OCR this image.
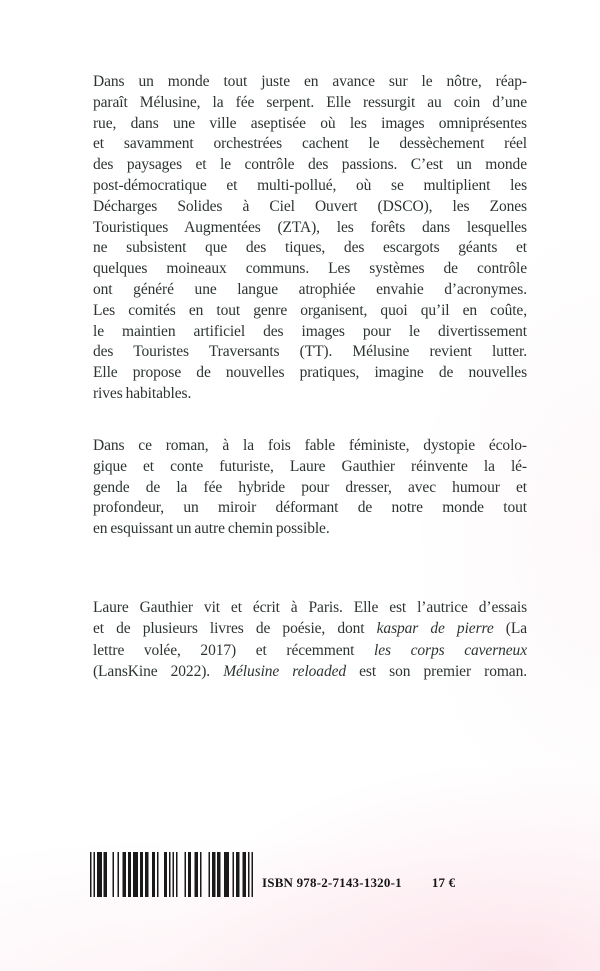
Dans un monde tout juste en avance sur le nôtre, réap-
paraît Mélusine, la fée serpent. Elle ressurgit au coin d’une
rue, dans une ville aseptisée où les images omniprésentes
et savamment orchestrées cachent le dessèchement réel
des paysages et le contrôle des passions. C’est un monde
post-démocratique et multi-pollué, où se multiplient les
Décharges Solides à Ciel Ouvert (DSCO), les Zones
Touristiques Augmentées (ZTA), les forêts dans lesquelles
ne subsistent que des tiques, des escargots géants et
quelques moineaux communs. Les systèmes de contrôle
ont généré une langue atrophiée envahie d’acronymes.
Les comités en tout genre organisent, quoi qu’il en coûte,
le maintien artificiel des images pour le divertissement
des Touristes Traversants (TT). Mélusine revient lutter.
Elle propose de nouvelles pratiques, imagine de nouvelles
rives habitables.
Dans ce roman, à la fois fable féministe, dystopie écolo-
gique et conte futuriste, Laure Gauthier réinvente la lé-
gende de la fée hybride pour dresser, avec humour et
profondeur, un miroir déformant de notre monde tout
en esquissant un autre chemin possible.
Laure Gauthier vit et écrit à Paris. Elle est l’autrice d’essais
et de plusieurs livres de poésie, dont kaspar de pierre (La
lettre volée, 2017) et récemment les corps caverneux
(LansKine 2022). Mélusine reloaded est son premier roman.
ISBN 978-2-7143-1320-1 17 €
